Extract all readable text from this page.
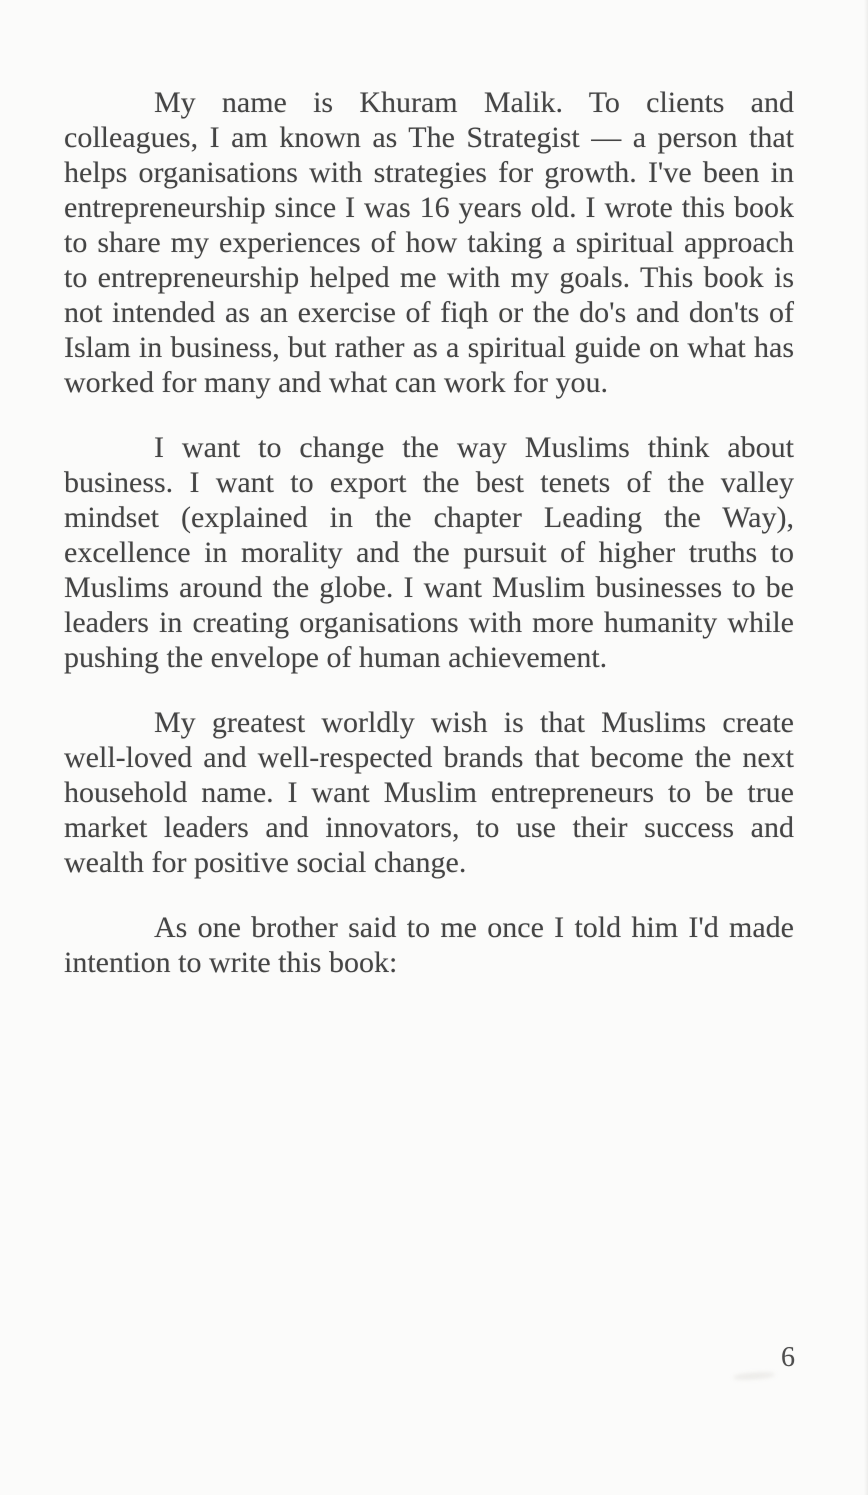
My name is Khuram Malik. To clients and colleagues, I am known as The Strategist — a person that helps organisations with strategies for growth. I've been in entrepreneurship since I was 16 years old. I wrote this book to share my experiences of how taking a spiritual approach to entrepreneurship helped me with my goals. This book is not intended as an exercise of fiqh or the do's and don'ts of Islam in business, but rather as a spiritual guide on what has worked for many and what can work for you.

I want to change the way Muslims think about business. I want to export the best tenets of the valley mindset (explained in the chapter Leading the Way), excellence in morality and the pursuit of higher truths to Muslims around the globe. I want Muslim businesses to be leaders in creating organisations with more humanity while pushing the envelope of human achievement.

My greatest worldly wish is that Muslims create well-loved and well-respected brands that become the next household name. I want Muslim entrepreneurs to be true market leaders and innovators, to use their success and wealth for positive social change.

As one brother said to me once I told him I'd made intention to write this book:

6
